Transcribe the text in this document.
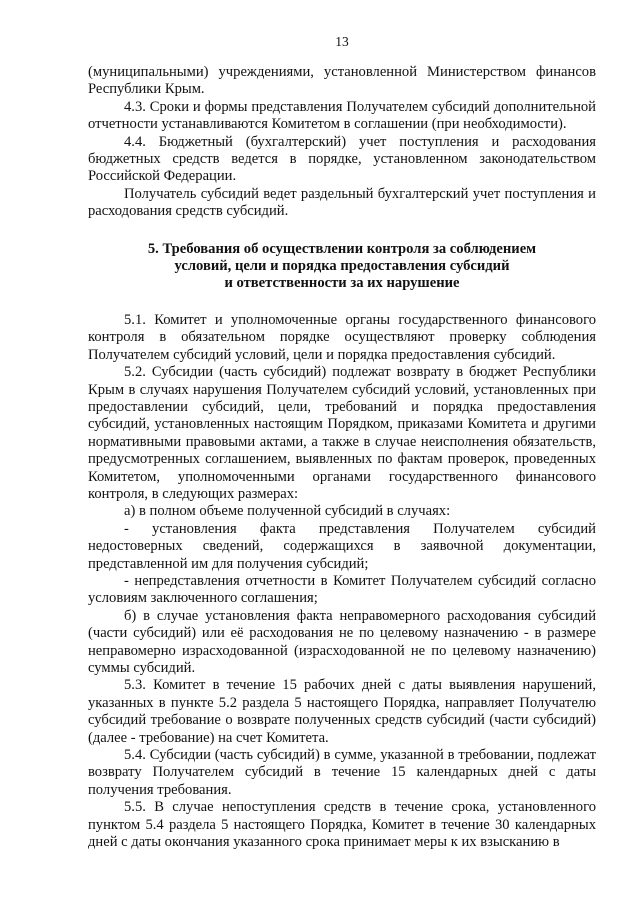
13

(муниципальными) учреждениями, установленной Министерством финансов Республики Крым.

4.3. Сроки и формы представления Получателем субсидий дополнительной отчетности устанавливаются Комитетом в соглашении (при необходимости).

4.4. Бюджетный (бухгалтерский) учет поступления и расходования бюджетных средств ведется в порядке, установленном законодательством Российской Федерации.

Получатель субсидий ведет раздельный бухгалтерский учет поступления и расходования средств субсидий.

5. Требования об осуществлении контроля за соблюдением
условий, цели и порядка предоставления субсидий
и ответственности за их нарушение

5.1. Комитет и уполномоченные органы государственного финансового контроля в обязательном порядке осуществляют проверку соблюдения Получателем субсидий условий, цели и порядка предоставления субсидий.

5.2. Субсидии (часть субсидий) подлежат возврату в бюджет Республики Крым в случаях нарушения Получателем субсидий условий, установленных при предоставлении субсидий, цели, требований и порядка предоставления субсидий, установленных настоящим Порядком, приказами Комитета и другими нормативными правовыми актами, а также в случае неисполнения обязательств, предусмотренных соглашением, выявленных по фактам проверок, проведенных Комитетом, уполномоченными органами государственного финансового контроля, в следующих размерах:

а) в полном объеме полученной субсидий в случаях:

- установления факта представления Получателем субсидий недостоверных сведений, содержащихся в заявочной документации, представленной им для получения субсидий;

- непредставления отчетности в Комитет Получателем субсидий согласно условиям заключенного соглашения;

б) в случае установления факта неправомерного расходования субсидий (части субсидий) или её расходования не по целевому назначению - в размере неправомерно израсходованной (израсходованной не по целевому назначению) суммы субсидий.

5.3. Комитет в течение 15 рабочих дней с даты выявления нарушений, указанных в пункте 5.2 раздела 5 настоящего Порядка, направляет Получателю субсидий требование о возврате полученных средств субсидий (части субсидий) (далее - требование) на счет Комитета.

5.4. Субсидии (часть субсидий) в сумме, указанной в требовании, подлежат возврату Получателем субсидий в течение 15 календарных дней с даты получения требования.

5.5. В случае непоступления средств в течение срока, установленного пунктом 5.4 раздела 5 настоящего Порядка, Комитет в течение 30 календарных дней с даты окончания указанного срока принимает меры к их взысканию в
